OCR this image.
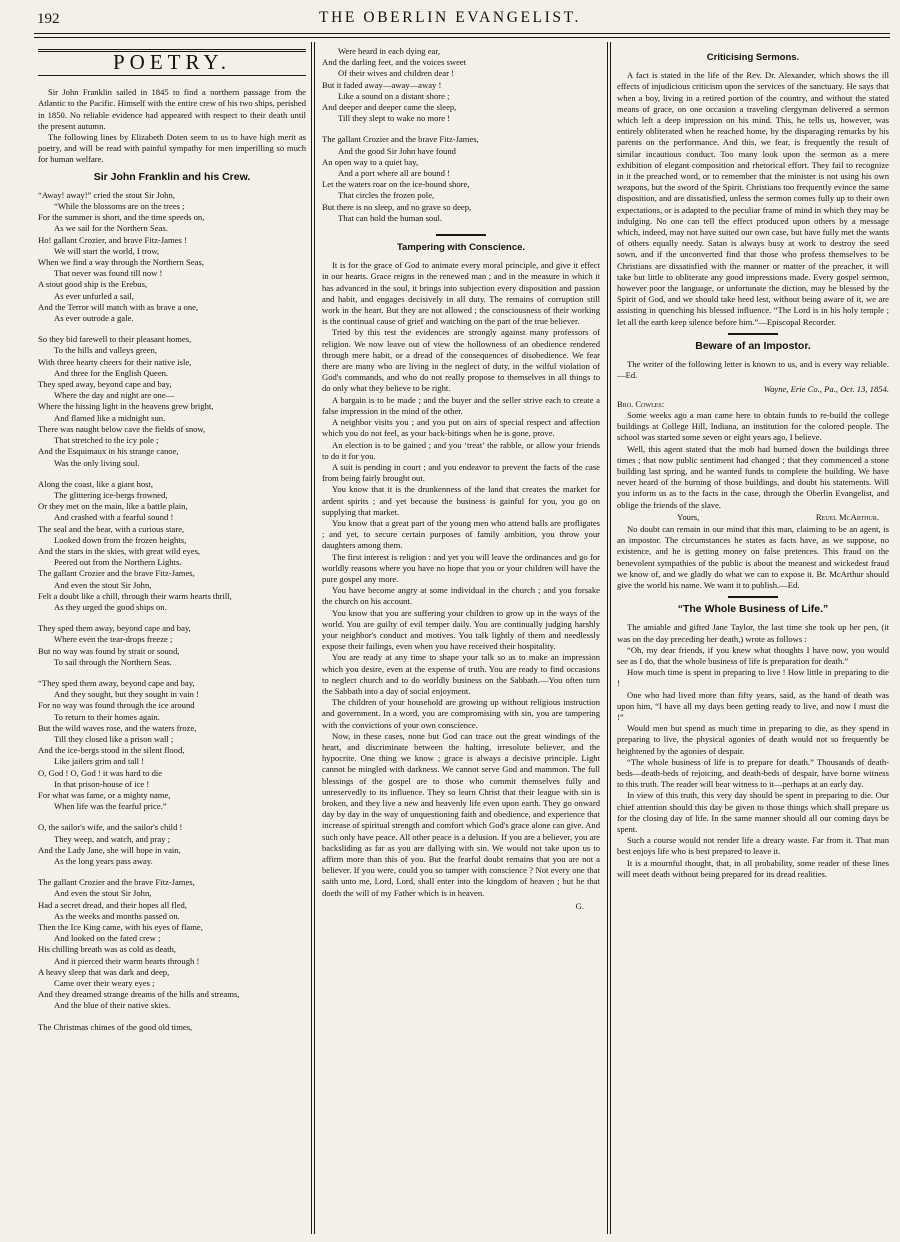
192	THE OBERLIN EVANGELIST.
POETRY.
Sir John Franklin sailed in 1845 to find a northern passage from the Atlantic to the Pacific. Himself with the entire crew of his two ships, perished in 1850. No reliable evidence had appeared with respect to their death until the present autumn.
The following lines by Elizabeth Doten seem to us to have high merit as poetry, and will be read with painful sympathy for men imperilling so much for human welfare.
Sir John Franklin and his Crew.
“Away! away!” cried the stout Sir John,
“While the blossoms are on the trees ;
For the summer is short, and the time speeds on,
As we sail for the Northern Seas.
Ho! gallant Crozier, and brave Fitz-James !
We will start the world, I trow,
When we find a way through the Northern Seas,
That never was found till now !
A stout good ship is the Erebus,
As ever unfurled a sail,
And the Terror will match with as brave a one,
As ever outrode a gale.
So they bid farewell to their pleasant homes,
To the hills and valleys green,
With three hearty cheers for their native isle,
And three for the English Queen.
They sped away, beyond cape and bay,
Where the day and night are one—
Where the hissing light in the heavens grew bright,
And flamed like a midnight sun.
There was naught below cave the fields of snow,
That stretched to the icy pole ;
And the Esquimaux in his strange canoe,
Was the only living soul.
Along the coast, like a giant host,
The glittering ice-bergs frowned,
Or they met on the main, like a battle plain,
And crashed with a fearful sound !
The seal and the bear, with a curious stare,
Looked down from the frozen heights,
And the stars in the skies, with great wild eyes,
Peered out from the Northern Lights.
The gallant Crozier and the brave Fitz-James,
And even the stout Sir John,
Felt a doubt like a chill, through their warm hearts thrill,
As they urged the good ships on.
They sped them away, beyond cape and bay,
Where even the tear-drops freeze ;
But no way was found by strait or sound,
To sail through the Northern Seas.
“They sped them away, beyond cape and bay,
And they sought, but they sought in vain !
For no way was found through the ice around
To return to their homes again.
But the wild waves rose, and the waters froze,
Till they closed like a prison wall ;
And the ice-bergs stood in the silent flood,
Like jailers grim and tall !
O, God ! O, God ! it was hard to die
In that prison-house of ice !
For what was fame, or a mighty name,
When life was the fearful price.”
O, the sailor's wife, and the sailor's child !
They weep, and watch, and pray ;
And the Lady Jane, she will hope in vain,
As the long years pass away.
The gallant Crozier and the brave Fitz-James,
And even the stout Sir John,
Had a secret dread, and their hopes all fled,
As the weeks and months passed on.
Then the Ice King came, with his eyes of flame,
And looked on the fated crew ;
His chilling breath was as cold as death,
And it pierced their warm hearts through !
A heavy sleep that was dark and deep,
Came over their weary eyes ;
And they dreamed strange dreams of the hills and streams,
And the blue of their native skies.
The Christmas chimes of the good old times,
Were heard in each dying ear,
And the darling feet, and the voices sweet
Of their wives and children dear !
But it faded away—away—away !
Like a sound on a distant shore ;
And deeper and deeper came the sleep,
Till they slept to wake no more !
The gallant Crozier and the brave Fitz-James,
And the good Sir John have found
An open way to a quiet bay,
And a port where all are bound !
Let the waters roar on the ice-bound shore,
That circles the frozen pole,
But there is no sleep, and no grave so deep,
That can hold the human soul.
Tampering with Conscience.
It is for the grace of God to animate every moral principle, and give it effect in our hearts. Grace reigns in the renewed man ; and in the measure in which it has advanced in the soul, it brings into subjection every disposition and passion and habit, and engages decisively in all duty. The remains of corruption still work in the heart. But they are not allowed ; the consciousness of their working is the continual cause of grief and watching on the part of the true believer.
Tried by this test the evidences are strongly against many professors of religion. We now leave out of view the hollowness of an obedience rendered through mere habit, or a dread of the consequences of disobedience. We fear there are many who are living in the neglect of duty, in the wilful violation of God's commands, and who do not really propose to themselves in all things to do only what they believe to be right.
A bargain is to be made ; and the buyer and the seller strive each to create a false impression in the mind of the other.
A neighbor visits you ; and you put on airs of special respect and affection which you do not feel, as your back-bitings when he is gone, prove.
An election is to be gained ; and you ‘treat’ the rabble, or allow your friends to do it for you.
A suit is pending in court ; and you endeavor to prevent the facts of the case from being fairly brought out.
You know that it is the drunkenness of the land that creates the market for ardent spirits ; and yet because the business is gainful for you, you go on supplying that market.
You know that a great part of the young men who attend balls are profligates ; and yet, to secure certain purposes of family ambition, you throw your daughters among them.
The first interest is religion : and yet you will leave the ordinances and go for worldly reasons where you have no hope that you or your children will have the pure gospel any more.
You have become angry at some individual in the church ; and you forsake the church on his account.
You know that you are suffering your children to grow up in the ways of the world. You are guilty of evil temper daily. You are continually judging harshly your neighbor's conduct and motives. You talk lightly of them and needlessly expose their failings, even when you have received their hospitality.
You are ready at any time to shape your talk so as to make an impression which you desire, even at the expense of truth. You are ready to find occasions to neglect church and to do worldly business on the Sabbath.—You often turn the Sabbath into a day of social enjoyment.
The children of your household are growing up without religious instruction and government. In a word, you are compromising with sin, you are tampering with the convictions of your own conscience.
Now, in these cases, none but God can trace out the great windings of the heart, and discriminate between the halting, irresolute believer, and the hypocrite. One thing we know ; grace is always a decisive principle. Light cannot be mingled with darkness. We cannot serve God and mammon. The full blessings of the gospel are to those who commit themselves fully and unreservedly to its influence. They so learn Christ that their league with sin is broken, and they live a new and heavenly life even upon earth. They go onward day by day in the way of unquestioning faith and obedience, and experience that increase of spiritual strength and comfort which God's grace alone can give. And such only have peace. All other peace is a delusion. If you are a believer, you are backsliding as far as you are dallying with sin. We would not take upon us to affirm more than this of you. But the fearful doubt remains that you are not a believer. If you were, could you so tamper with conscience ? Not every one that saith unto me, Lord, Lord, shall enter into the kingdom of heaven ; but he that doeth the will of my Father which is in heaven.
G.
Criticising Sermons.
A fact is stated in the life of the Rev. Dr. Alexander, which shows the ill effects of injudicious criticism upon the services of the sanctuary. He says that when a boy, living in a retired portion of the country, and without the stated means of grace, on one occasion a traveling clergyman delivered a sermon which left a deep impression on his mind. This, he tells us, however, was entirely obliterated when he reached home, by the disparaging remarks by his parents on the performance. And this, we fear, is frequently the result of similar incautious conduct. Too many look upon the sermon as a mere exhibition of elegant composition and rhetorical effort. They fail to recognize in it the preached word, or to remember that the minister is not using his own weapons, but the sword of the Spirit. Christians too frequently evince the same disposition, and are dissatisfied, unless the sermon comes fully up to their own expectations, or is adapted to the peculiar frame of mind in which they may be indulging. No one can tell the effect produced upon others by a message which, indeed, may not have suited our own case, but have fully met the wants of others equally needy. Satan is always busy at work to destroy the seed sown, and if the unconverted find that those who profess themselves to be Christians are dissatisfied with the manner or matter of the preacher, it will take but little to obliterate any good impressions made. Every gospel sermon, however poor the language, or unfortunate the diction, may be blessed by the Spirit of God, and we should take heed lest, without being aware of it, we are assisting in quenching his blessed influence. “The Lord is in his holy temple ; let all the earth keep silence before him.”—Episcopal Recorder.
Beware of an Impostor.
The writer of the following letter is known to us, and is every way reliable.—Ed.
Wayne, Erie Co., Pa., Oct. 13, 1854.
Bro. Cowles:
Some weeks ago a man came here to obtain funds to re-build the college buildings at College Hill, Indiana, an institution for the colored people. The school was started some seven or eight years ago, I believe.
Well, this agent stated that the mob had burned down the buildings three times ; that now public sentiment had changed ; that they commenced a stone building last spring, and he wanted funds to complete the building. We have never heard of the burning of those buildings, and doubt his statements. Will you inform us as to the facts in the case, through the Oberlin Evangelist, and oblige the friends of the slave.
Yours,	Reuel McArthur.
No doubt can remain in our mind that this man, claiming to be an agent, is an impostor. The circumstances he states as facts have, as we suppose, no existence, and he is getting money on false pretences. This fraud on the benevolent sympathies of the public is about the meanest and wickedest fraud we know of, and we gladly do what we can to expose it. Br. McArthur should give the world his name. We want it to publish.—Ed.
“The Whole Business of Life.”
The amiable and gifted Jane Taylor, the last time she took up her pen, (it was on the day preceding her death,) wrote as follows :
“Oh, my dear friends, if you knew what thoughts I have now, you would see as I do, that the whole business of life is preparation for death.”
How much time is spent in preparing to live ! How little in preparing to die !
One who had lived more than fifty years, said, as the hand of death was upon him, “I have all my days been getting ready to live, and now I must die !”
Would men but spend as much time in preparing to die, as they spend in preparing to live, the physical agonies of death would not so frequently be heightened by the agonies of despair.
“The whole business of life is to prepare for death.” Thousands of death-beds—death-beds of rejoicing, and death-beds of despair, have borne witness to this truth. The reader will bear witness to it—perhaps at an early day.
In view of this truth, this very day should be spent in preparing to die. Our chief attention should this day be given to those things which shall prepare us for the closing day of life. In the same manner should all our coming days be spent.
Such a course would not render life a dreary waste. Far from it. That man best enjoys life who is best prepared to leave it.
It is a mournful thought, that, in all probability, some reader of these lines will meet death without being prepared for its dread realities.
